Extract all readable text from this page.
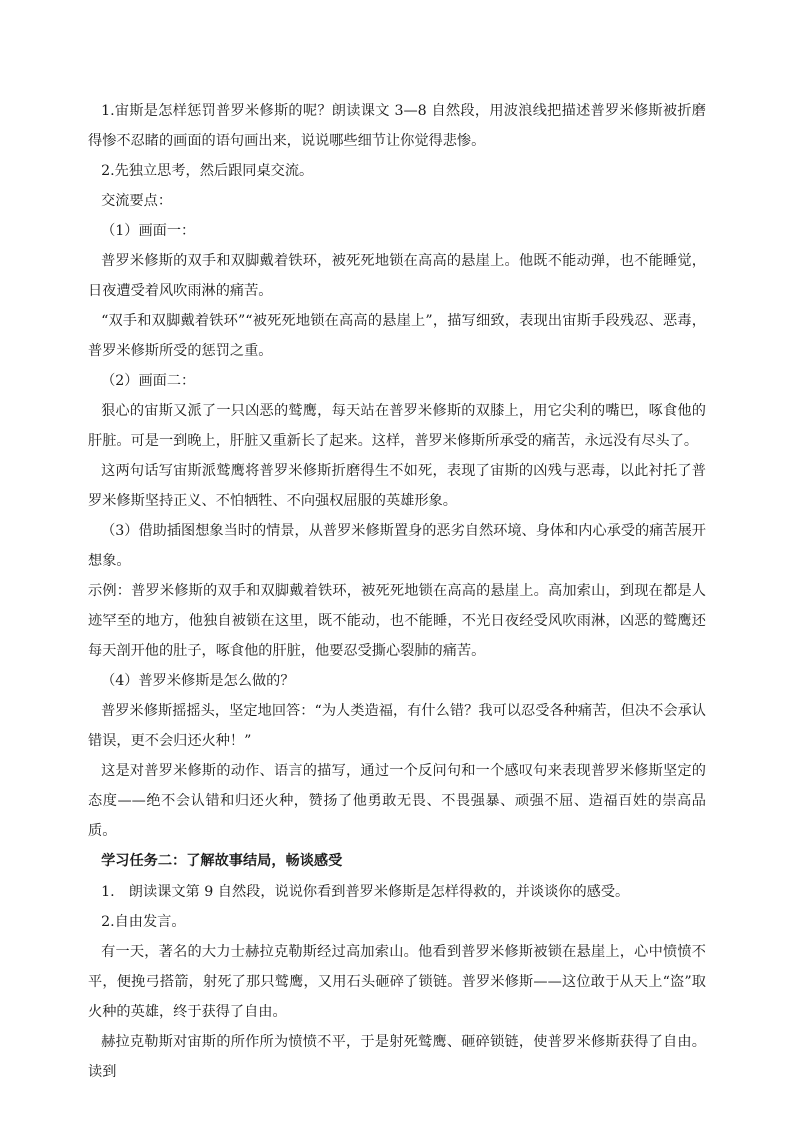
1.宙斯是怎样惩罚普罗米修斯的呢？朗读课文 3—8 自然段，用波浪线把描述普罗米修斯被折磨得惨不忍睹的画面的语句画出来，说说哪些细节让你觉得悲惨。

2.先独立思考，然后跟同桌交流。

交流要点：

（1）画面一：

普罗米修斯的双手和双脚戴着铁环，被死死地锁在高高的悬崖上。他既不能动弹，也不能睡觉，日夜遭受着风吹雨淋的痛苦。

“双手和双脚戴着铁环”“被死死地锁在高高的悬崖上”，描写细致，表现出宙斯手段残忍、恶毒，普罗米修斯所受的惩罚之重。

（2）画面二：

狠心的宙斯又派了一只凶恶的鹫鹰，每天站在普罗米修斯的双膝上，用它尖利的嘴巴，啄食他的肝脏。可是一到晚上，肝脏又重新长了起来。这样，普罗米修斯所承受的痛苦，永远没有尽头了。

这两句话写宙斯派鹫鹰将普罗米修斯折磨得生不如死，表现了宙斯的凶残与恶毒，以此衬托了普罗米修斯坚持正义、不怕牺牲、不向强权屈服的英雄形象。

（3）借助插图想象当时的情景，从普罗米修斯置身的恶劣自然环境、身体和内心承受的痛苦展开想象。

示例：普罗米修斯的双手和双脚戴着铁环，被死死地锁在高高的悬崖上。高加索山，到现在都是人迹罕至的地方，他独自被锁在这里，既不能动，也不能睡，不光日夜经受风吹雨淋，凶恶的鹫鹰还每天剖开他的肚子，啄食他的肝脏，他要忍受撕心裂肺的痛苦。

（4）普罗米修斯是怎么做的？

普罗米修斯摇摇头，坚定地回答：“为人类造福，有什么错？我可以忍受各种痛苦，但决不会承认错误，更不会归还火种！”

这是对普罗米修斯的动作、语言的描写，通过一个反问句和一个感叹句来表现普罗米修斯坚定的态度——绝不会认错和归还火种，赞扬了他勇敢无畏、不畏强暴、顽强不屈、造福百姓的崇高品质。

学习任务二：了解故事结局，畅谈感受

1.　朗读课文第 9 自然段，说说你看到普罗米修斯是怎样得救的，并谈谈你的感受。

2.自由发言。

有一天，著名的大力士赫拉克勒斯经过高加索山。他看到普罗米修斯被锁在悬崖上，心中愤愤不平，便挽弓搭箭，射死了那只鹫鹰，又用石头砸碎了锁链。普罗米修斯——这位敢于从天上“盗”取火种的英雄，终于获得了自由。

赫拉克勒斯对宙斯的所作所为愤愤不平，于是射死鹫鹰、砸碎锁链，使普罗米修斯获得了自由。读到
